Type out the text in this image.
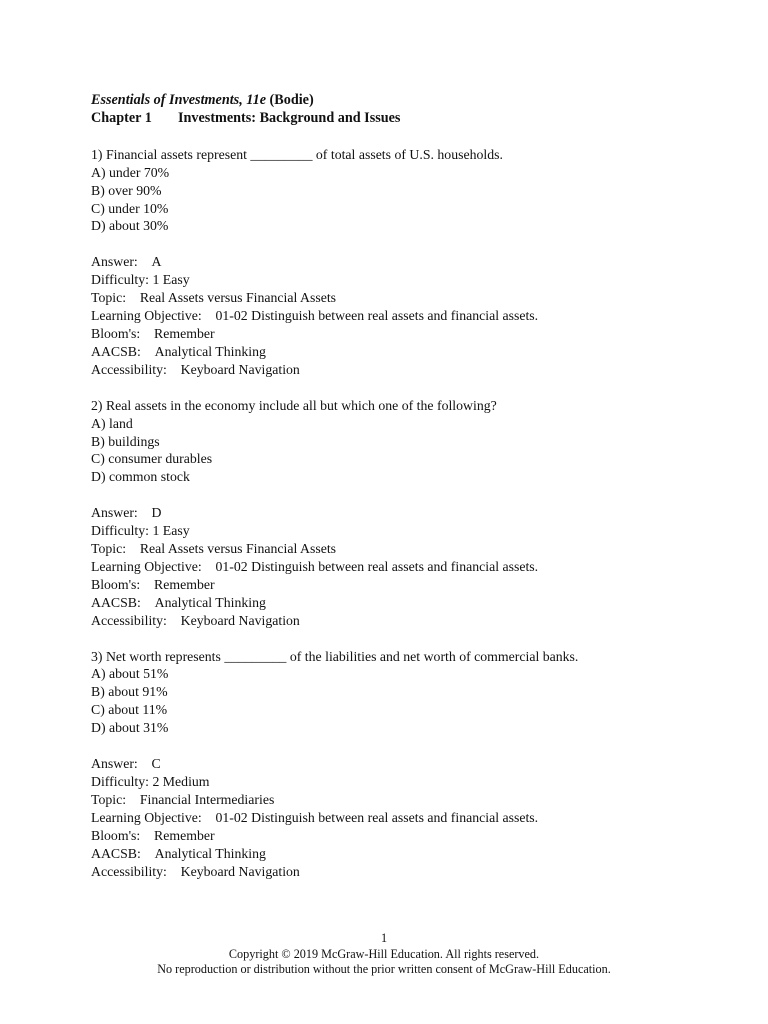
Essentials of Investments, 11e (Bodie)
Chapter 1 Investments: Background and Issues
1) Financial assets represent _________ of total assets of U.S. households.
A) under 70%
B) over 90%
C) under 10%
D) about 30%
Answer:    A
Difficulty: 1 Easy
Topic:    Real Assets versus Financial Assets
Learning Objective:    01-02 Distinguish between real assets and financial assets.
Bloom's:    Remember
AACSB:    Analytical Thinking
Accessibility:    Keyboard Navigation
2) Real assets in the economy include all but which one of the following?
A) land
B) buildings
C) consumer durables
D) common stock
Answer:    D
Difficulty: 1 Easy
Topic:    Real Assets versus Financial Assets
Learning Objective:    01-02 Distinguish between real assets and financial assets.
Bloom's:    Remember
AACSB:    Analytical Thinking
Accessibility:    Keyboard Navigation
3) Net worth represents _________ of the liabilities and net worth of commercial banks.
A) about 51%
B) about 91%
C) about 11%
D) about 31%
Answer:    C
Difficulty: 2 Medium
Topic:    Financial Intermediaries
Learning Objective:    01-02 Distinguish between real assets and financial assets.
Bloom's:    Remember
AACSB:    Analytical Thinking
Accessibility:    Keyboard Navigation
1
Copyright © 2019 McGraw-Hill Education. All rights reserved.
No reproduction or distribution without the prior written consent of McGraw-Hill Education.
